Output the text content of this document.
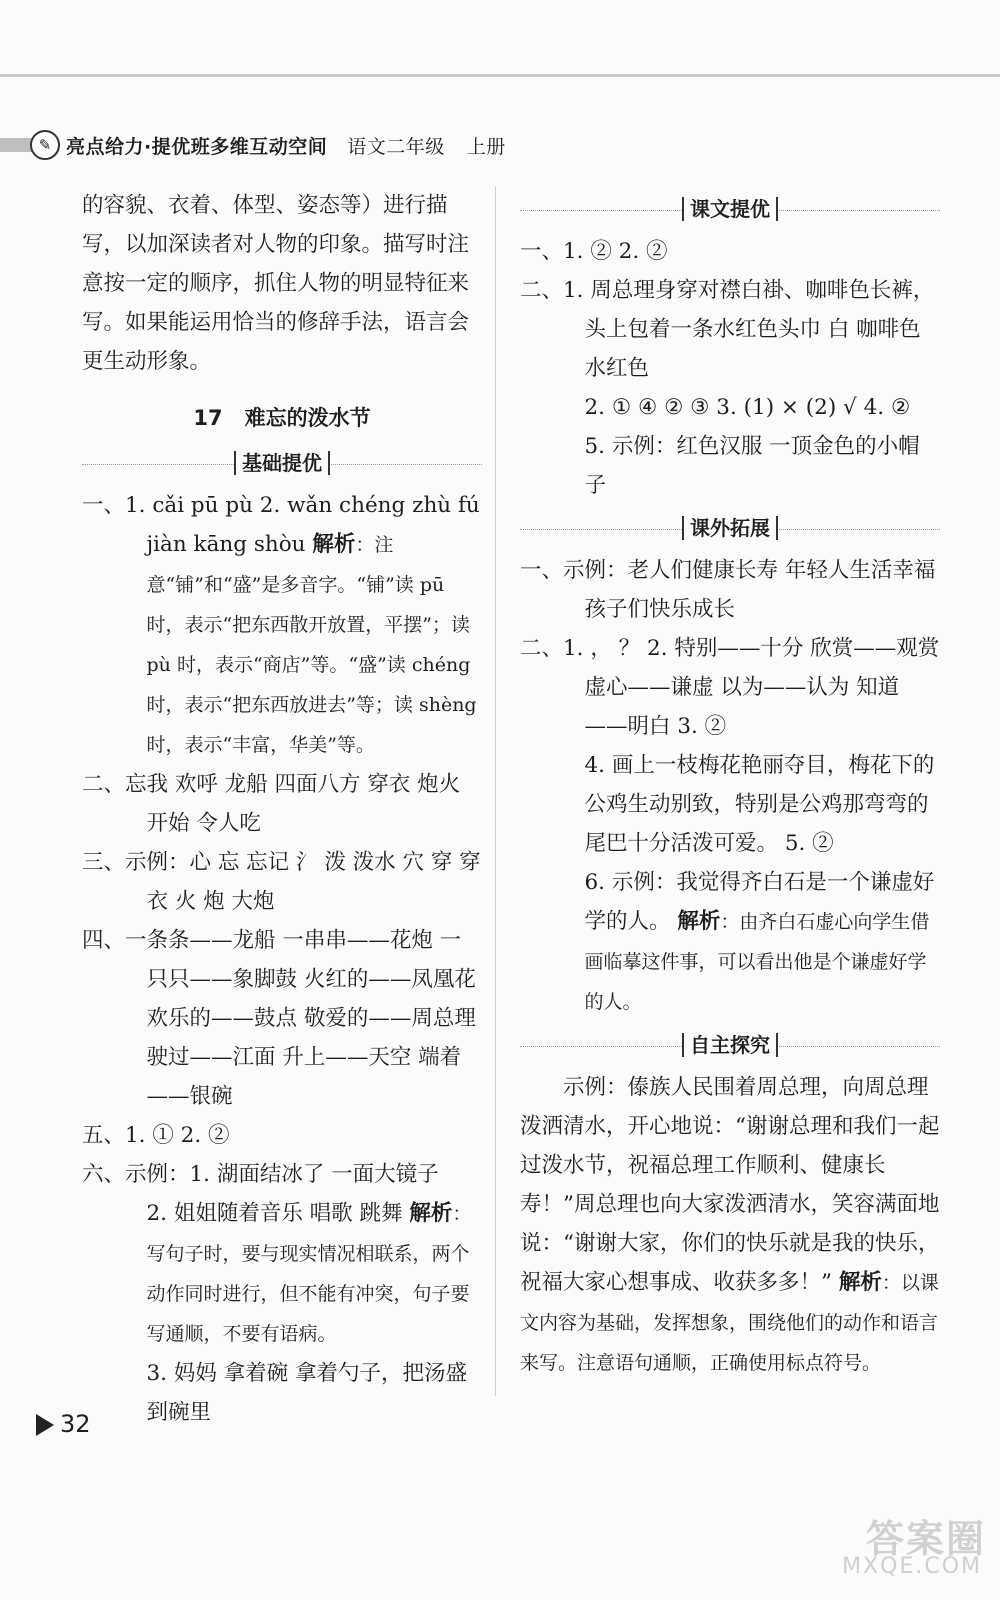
✎ 亮点给力·提优班多维互动空间 语文二年级 上册

的容貌、衣着、体型、姿态等）进行描写，以加深读者对人物的印象。描写时注意按一定的顺序，抓住人物的明显特征来写。如果能运用恰当的修辞手法，语言会更生动形象。

17 难忘的泼水节
基础提优

一、1. cǎi pū pù 2. wǎn chéng zhù fú jiàn kāng shòu 解析：注意“铺”和“盛”是多音字。“铺”读 pū 时，表示“把东西散开放置，平摆”；读 pù 时，表示“商店”等。“盛”读 chéng 时，表示“把东西放进去”等；读 shèng 时，表示“丰富，华美”等。

二、忘我 欢呼 龙船 四面八方 穿衣 炮火 开始 令人吃

三、示例：心 忘 忘记 氵 泼 泼水 穴 穿 穿衣 火 炮 大炮

四、一条条——龙船 一串串——花炮 一只只——象脚鼓 火红的——凤凰花 欢乐的——鼓点 敬爱的——周总理 驶过——江面 升上——天空 端着——银碗

五、1. ① 2. ②

六、示例：1. 湖面结冰了 一面大镜子

2. 姐姐随着音乐 唱歌 跳舞 解析：写句子时，要与现实情况相联系，两个动作同时进行，但不能有冲突，句子要写通顺，不要有语病。

3. 妈妈 拿着碗 拿着勺子，把汤盛到碗里

课文提优

一、1. ② 2. ②

二、1. 周总理身穿对襟白褂、咖啡色长裤，头上包着一条水红色头巾 白 咖啡色 水红色

2. ① ④ ② ③ 3. (1) × (2) √ 4. ②

5. 示例：红色汉服 一顶金色的小帽子

课外拓展

一、示例：老人们健康长寿 年轻人生活幸福 孩子们快乐成长

二、1. ， ？ 2. 特别——十分 欣赏——观赏 虚心——谦虚 以为——认为 知道——明白 3. ②

4. 画上一枝梅花艳丽夺目，梅花下的公鸡生动别致，特别是公鸡那弯弯的尾巴十分活泼可爱。 5. ②

6. 示例：我觉得齐白石是一个谦虚好学的人。 解析：由齐白石虚心向学生借画临摹这件事，可以看出他是个谦虚好学的人。

自主探究

示例：傣族人民围着周总理，向周总理泼洒清水，开心地说：“谢谢总理和我们一起过泼水节，祝福总理工作顺利、健康长寿！”周总理也向大家泼洒清水，笑容满面地说：“谢谢大家，你们的快乐就是我的快乐，祝福大家心想事成、收获多多！” 解析：以课文内容为基础，发挥想象，围绕他们的动作和语言来写。注意语句通顺，正确使用标点符号。

32
答案圈
MXQE.COM
